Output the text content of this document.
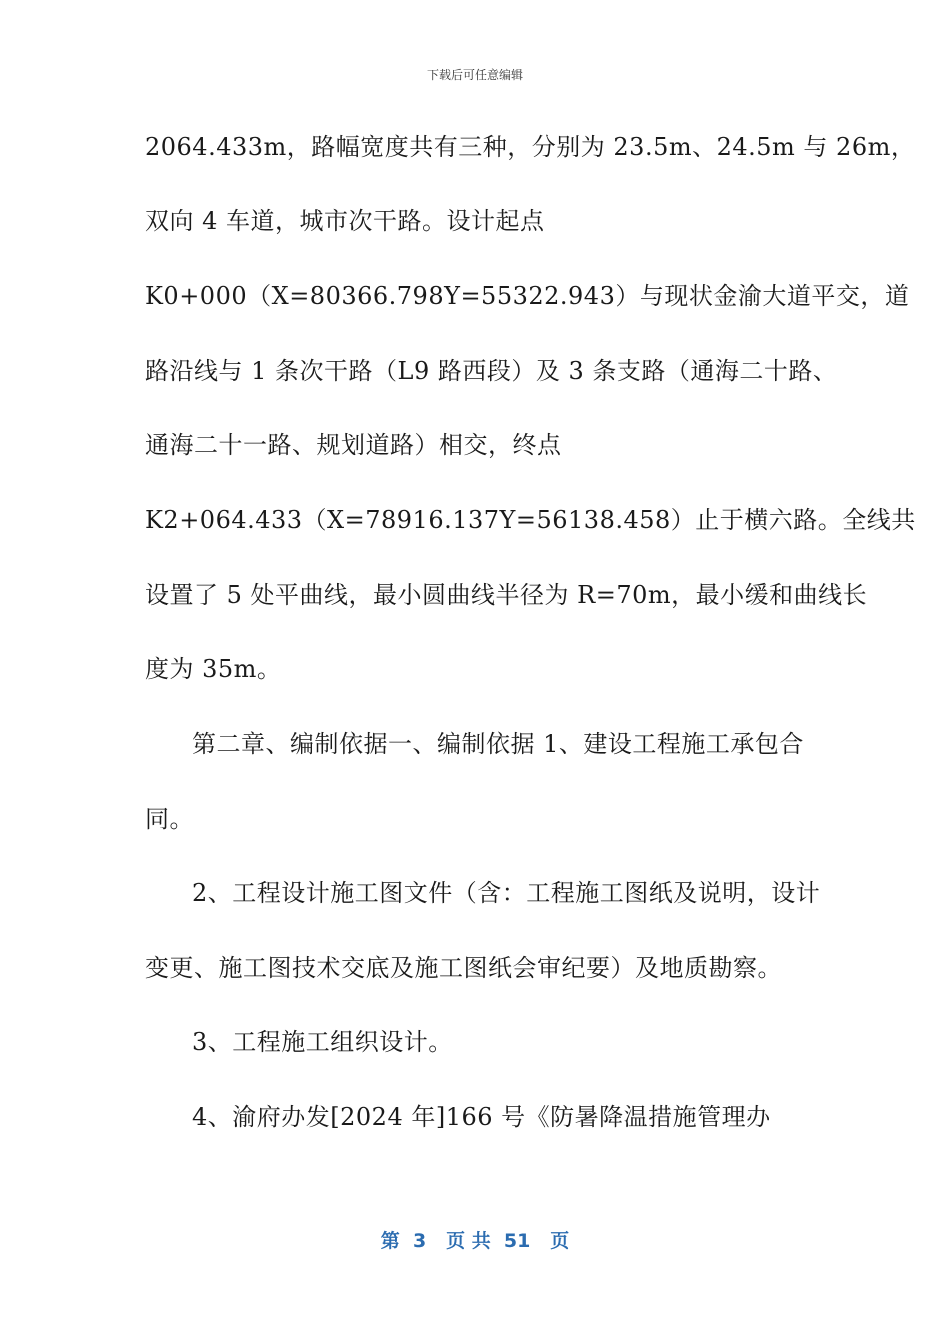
下载后可任意编辑
2064.433m，路幅宽度共有三种，分别为 23.5m、24.5m 与 26m，
双向 4 车道，城市次干路。设计起点
K0+000（X=80366.798Y=55322.943）与现状金渝大道平交，道
路沿线与 1 条次干路（L9 路西段）及 3 条支路（通海二十路、
通海二十一路、规划道路）相交，终点
K2+064.433（X=78916.137Y=56138.458）止于横六路。全线共
设置了 5 处平曲线，最小圆曲线半径为 R=70m，最小缓和曲线长
度为 35m。
第二章、编制依据一、编制依据 1、建设工程施工承包合
同。
2、工程设计施工图文件（含：工程施工图纸及说明，设计
变更、施工图技术交底及施工图纸会审纪要）及地质勘察。
3、工程施工组织设计。
4、渝府办发[2024 年]166 号《防暑降温措施管理办
第  3   页 共  51   页
